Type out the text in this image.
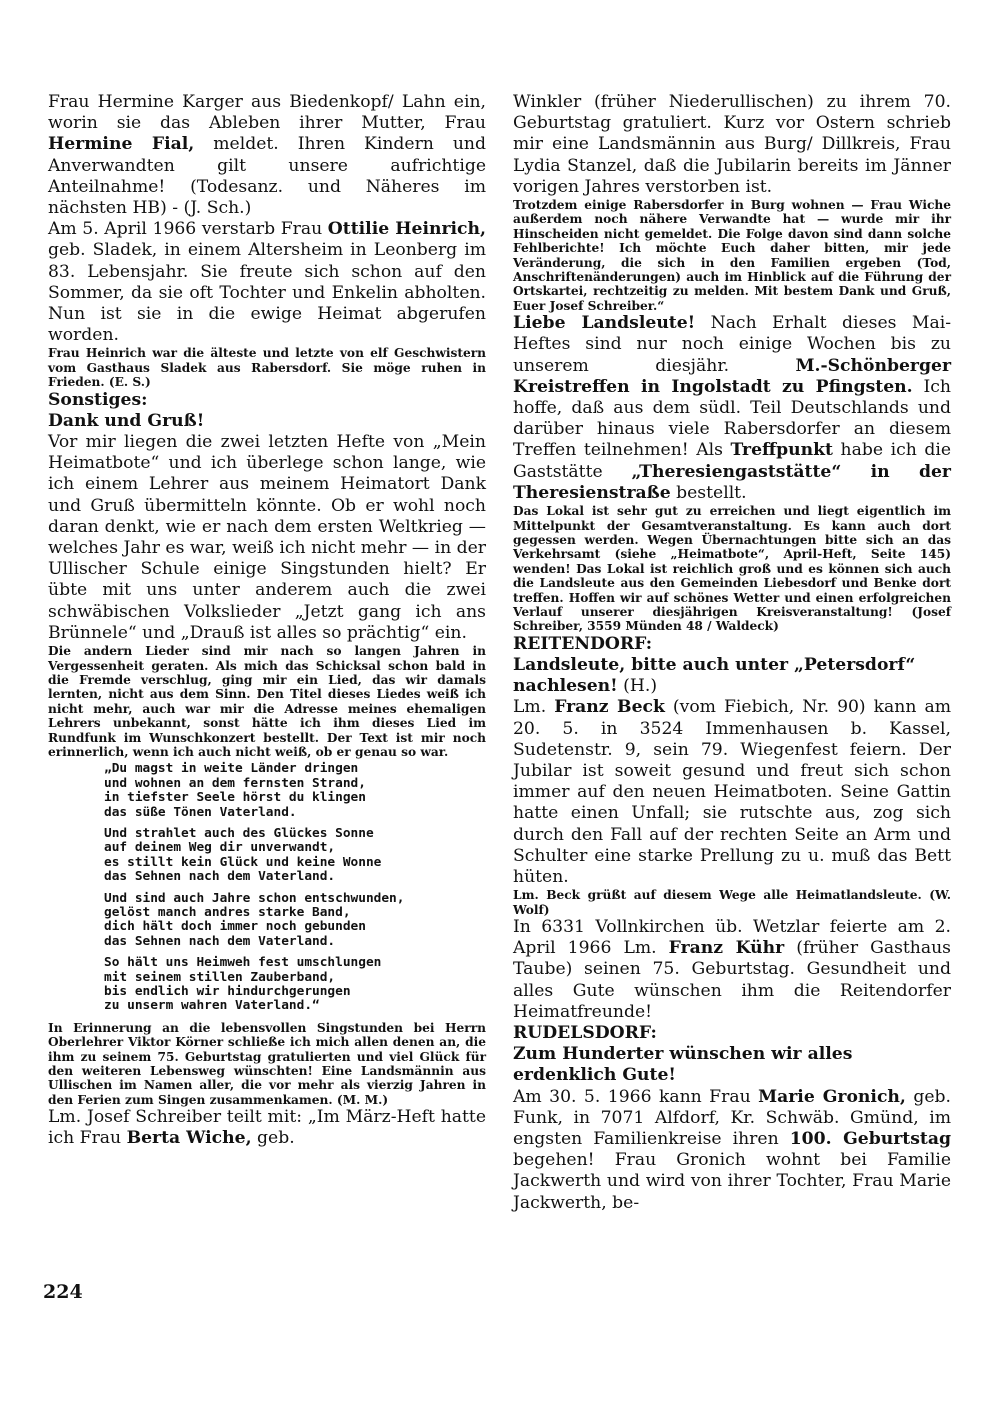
Frau Hermine Karger aus Biedenkopf/ Lahn ein, worin sie das Ableben ihrer Mutter, Frau Hermine Fial, meldet. Ihren Kindern und Anverwandten gilt unsere aufrichtige Anteilnahme! (Todesanz. und Näheres im nächsten HB) - (J. Sch.)

Am 5. April 1966 verstarb Frau Ottilie Heinrich, geb. Sladek, in einem Altersheim in Leonberg im 83. Lebensjahr. Sie freute sich schon auf den Sommer, da sie oft Tochter und Enkelin abholten. Nun ist sie in die ewige Heimat abgerufen worden.

Frau Heinrich war die älteste und letzte von elf Geschwistern vom Gasthaus Sladek aus Rabersdorf. Sie möge ruhen in Frieden. (E. S.)

Sonstiges:

Dank und Gruß!

Vor mir liegen die zwei letzten Hefte von „Mein Heimatbote“ und ich überlege schon lange, wie ich einem Lehrer aus meinem Heimatort Dank und Gruß übermitteln könnte. Ob er wohl noch daran denkt, wie er nach dem ersten Weltkrieg — welches Jahr es war, weiß ich nicht mehr — in der Ullischer Schule einige Singstunden hielt? Er übte mit uns unter anderem auch die zwei schwäbischen Volkslieder „Jetzt gang ich ans Brünnele“ und „Drauß ist alles so prächtig“ ein.

Die andern Lieder sind mir nach so langen Jahren in Vergessenheit geraten. Als mich das Schicksal schon bald in die Fremde verschlug, ging mir ein Lied, das wir damals lernten, nicht aus dem Sinn. Den Titel dieses Liedes weiß ich nicht mehr, auch war mir die Adresse meines ehemaligen Lehrers unbekannt, sonst hätte ich ihm dieses Lied im Rundfunk im Wunschkonzert bestellt. Der Text ist mir noch erinnerlich, wenn ich auch nicht weiß, ob er genau so war.

„Du magst in weite Länder dringen
und wohnen an dem fernsten Strand,
in tiefster Seele hörst du klingen
das süße Tönen Vaterland.
Und strahlet auch des Glückes Sonne
auf deinem Weg dir unverwandt,
es stillt kein Glück und keine Wonne
das Sehnen nach dem Vaterland.
Und sind auch Jahre schon entschwunden,
gelöst manch andres starke Band,
dich hält doch immer noch gebunden
das Sehnen nach dem Vaterland.
So hält uns Heimweh fest umschlungen
mit seinem stillen Zauberband,
bis endlich wir hindurchgerungen
zu unserm wahren Vaterland.“

In Erinnerung an die lebensvollen Singstunden bei Herrn Oberlehrer Viktor Körner schließe ich mich allen denen an, die ihm zu seinem 75. Geburtstag gratulierten und viel Glück für den weiteren Lebensweg wünschten! Eine Landsmännin aus Ullischen im Namen aller, die vor mehr als vierzig Jahren in den Ferien zum Singen zusammenkamen. (M. M.)

Lm. Josef Schreiber teilt mit: „Im März-Heft hatte ich Frau Berta Wiche, geb.

Winkler (früher Niederullischen) zu ihrem 70. Geburtstag gratuliert. Kurz vor Ostern schrieb mir eine Landsmännin aus Burg/ Dillkreis, Frau Lydia Stanzel, daß die Jubilarin bereits im Jänner vorigen Jahres verstorben ist.

Trotzdem einige Rabersdorfer in Burg wohnen — Frau Wiche außerdem noch nähere Verwandte hat — wurde mir ihr Hinscheiden nicht gemeldet. Die Folge davon sind dann solche Fehlberichte! Ich möchte Euch daher bitten, mir jede Veränderung, die sich in den Familien ergeben (Tod, Anschriftenänderungen) auch im Hinblick auf die Führung der Ortskartei, rechtzeitig zu melden. Mit bestem Dank und Gruß, Euer Josef Schreiber.“

Liebe Landsleute! Nach Erhalt dieses Mai-Heftes sind nur noch einige Wochen bis zu unserem diesjähr. M.-Schönberger Kreistreffen in Ingolstadt zu Pfingsten. Ich hoffe, daß aus dem südl. Teil Deutschlands und darüber hinaus viele Rabersdorfer an diesem Treffen teilnehmen! Als Treffpunkt habe ich die Gaststätte „Theresiengaststätte“ in der Theresienstraße bestellt.

Das Lokal ist sehr gut zu erreichen und liegt eigentlich im Mittelpunkt der Gesamtveranstaltung. Es kann auch dort gegessen werden. Wegen Übernachtungen bitte sich an das Verkehrsamt (siehe „Heimatbote“, April-Heft, Seite 145) wenden! Das Lokal ist reichlich groß und es können sich auch die Landsleute aus den Gemeinden Liebesdorf und Benke dort treffen. Hoffen wir auf schönes Wetter und einen erfolgreichen Verlauf unserer diesjährigen Kreisveranstaltung! (Josef Schreiber, 3559 Münden 48 / Waldeck)

REITENDORF:

Landsleute, bitte auch unter „Petersdorf“ nachlesen! (H.)

Lm. Franz Beck (vom Fiebich, Nr. 90) kann am 20. 5. in 3524 Immenhausen b. Kassel, Sudetenstr. 9, sein 79. Wiegenfest feiern. Der Jubilar ist soweit gesund und freut sich schon immer auf den neuen Heimatboten. Seine Gattin hatte einen Unfall; sie rutschte aus, zog sich durch den Fall auf der rechten Seite an Arm und Schulter eine starke Prellung zu u. muß das Bett hüten.

Lm. Beck grüßt auf diesem Wege alle Heimatlandsleute. (W. Wolf)

In 6331 Vollnkirchen üb. Wetzlar feierte am 2. April 1966 Lm. Franz Kühr (früher Gasthaus Taube) seinen 75. Geburtstag. Gesundheit und alles Gute wünschen ihm die Reitendorfer Heimatfreunde!

RUDELSDORF:

Zum Hunderter wünschen wir alles erdenklich Gute!

Am 30. 5. 1966 kann Frau Marie Gronich, geb. Funk, in 7071 Alfdorf, Kr. Schwäb. Gmünd, im engsten Familienkreise ihren 100. Geburtstag begehen! Frau Gronich wohnt bei Familie Jackwerth und wird von ihrer Tochter, Frau Marie Jackwerth, be-

224
